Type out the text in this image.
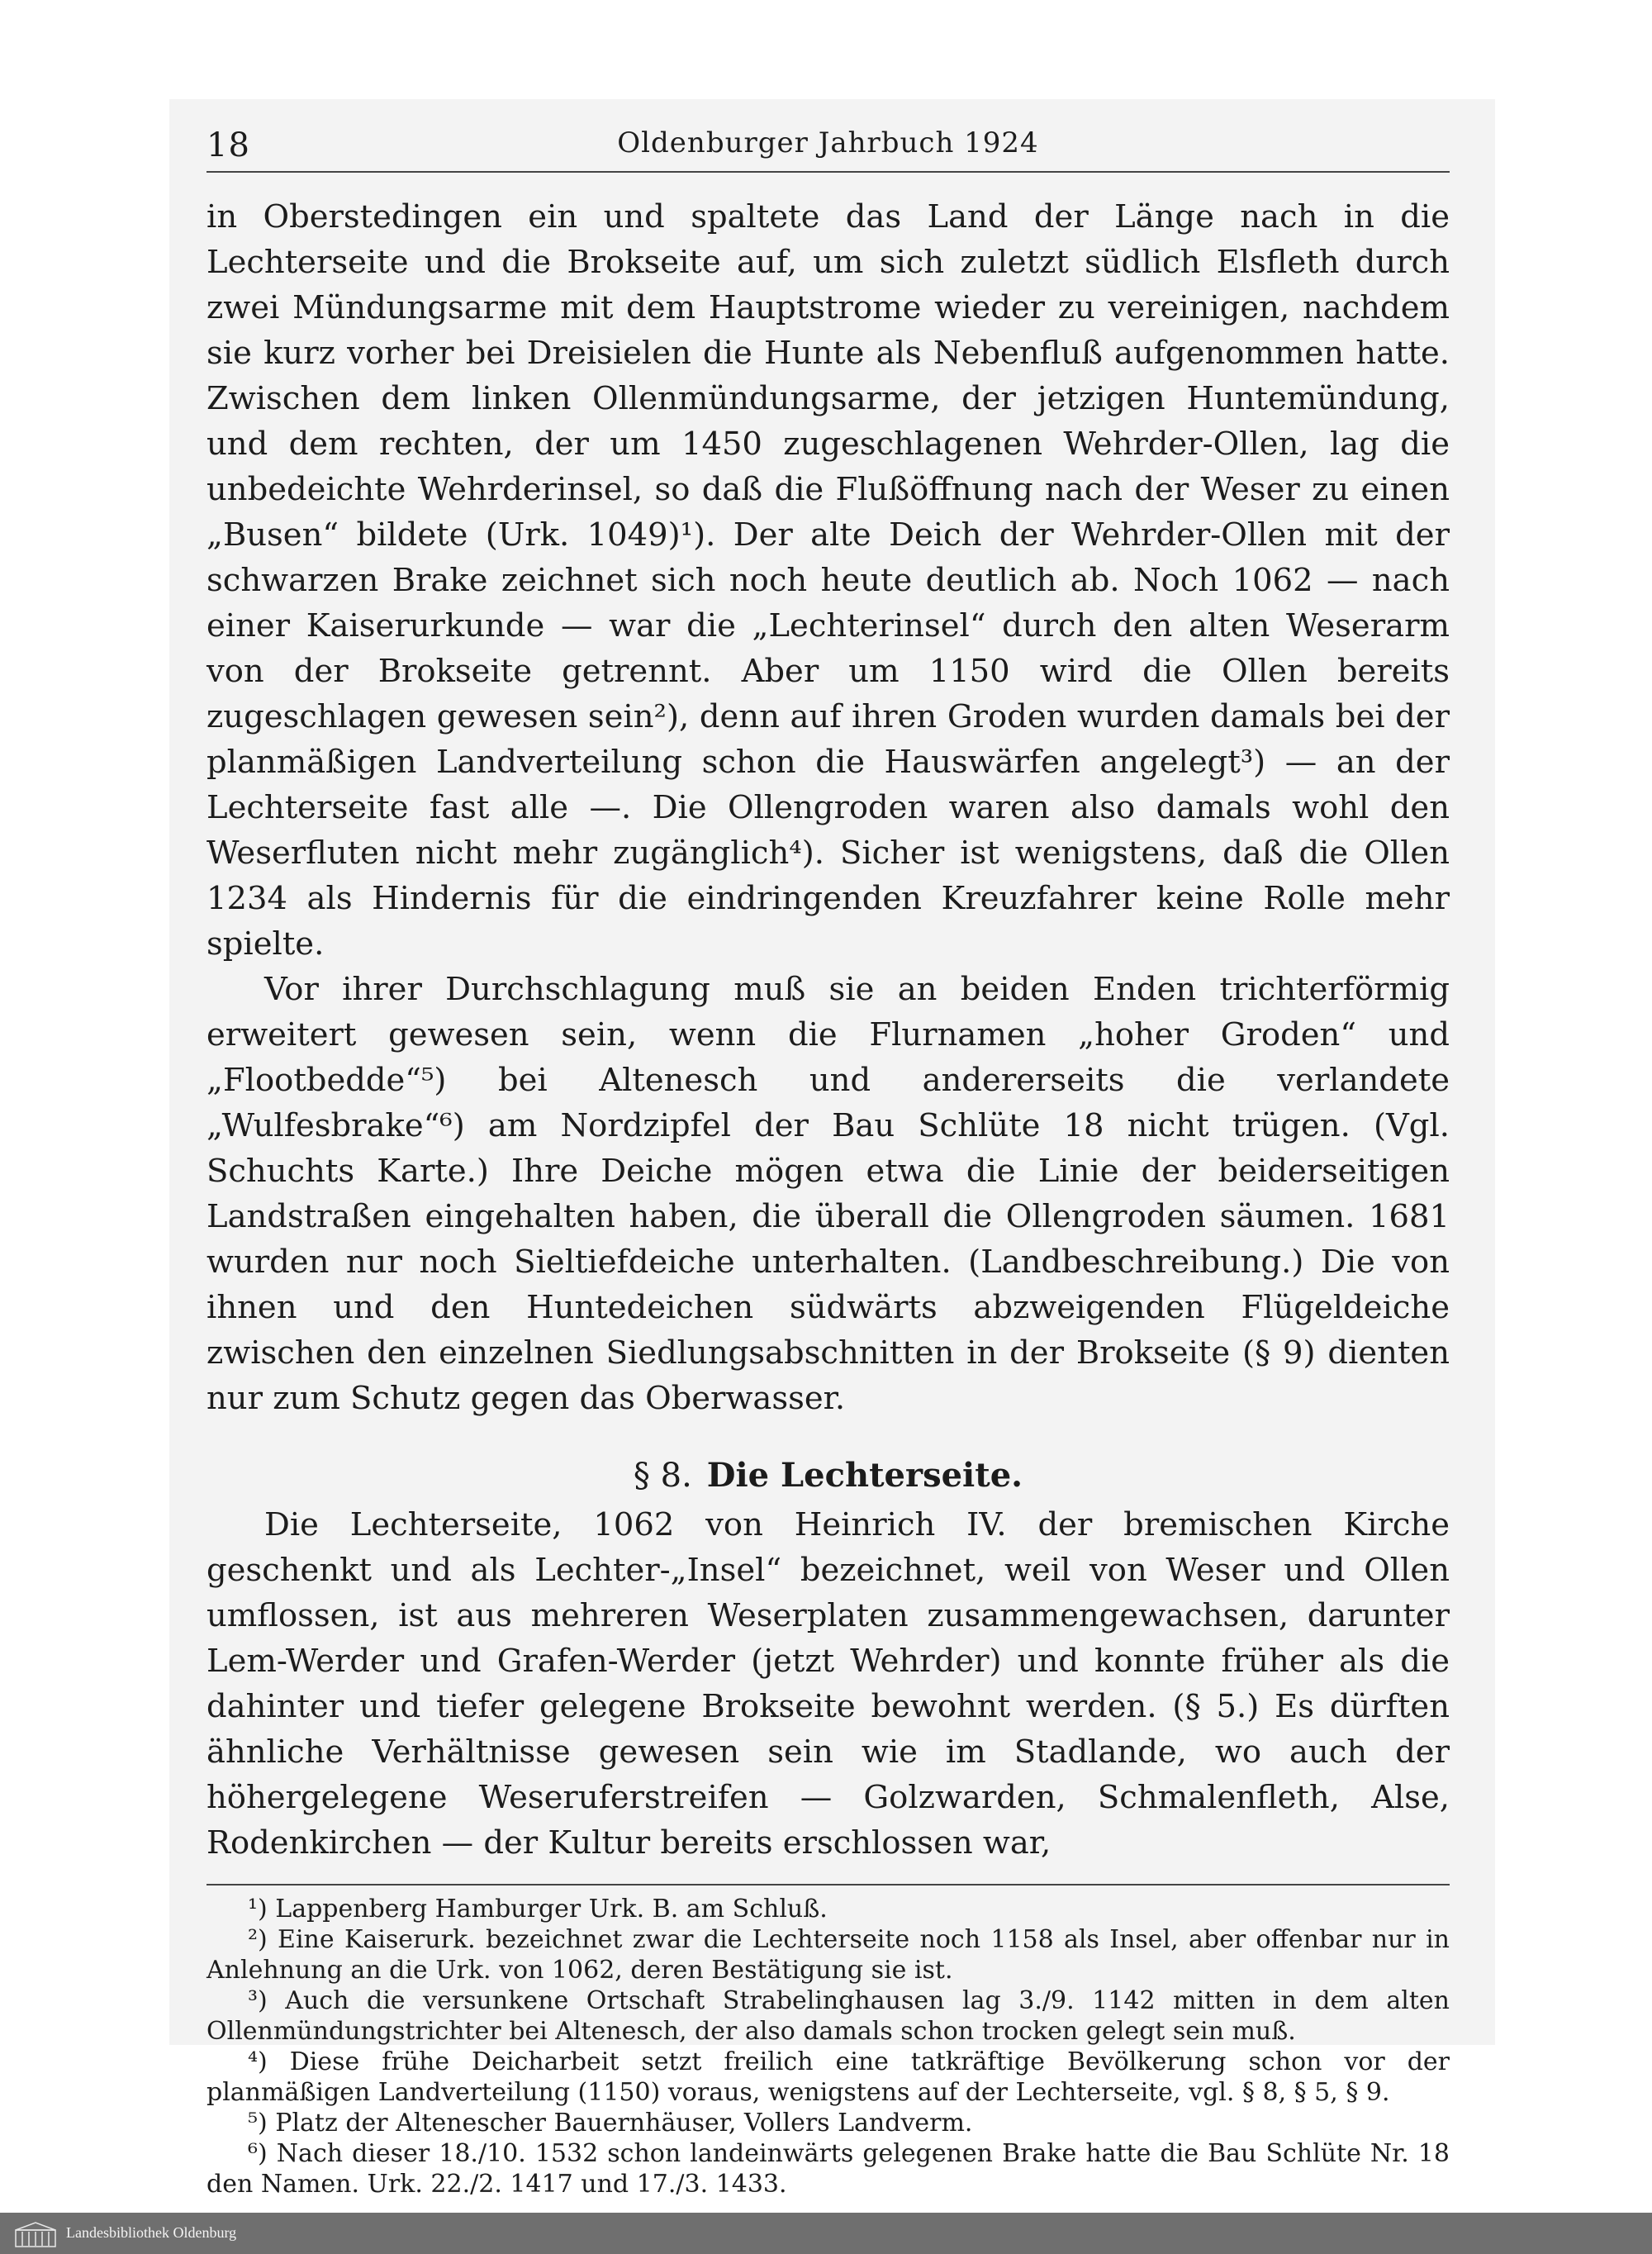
18	Oldenburger Jahrbuch 1924

in Oberstedingen ein und spaltete das Land der Länge nach in die Lechterseite und die Brokseite auf, um sich zuletzt südlich Elsfleth durch zwei Mündungsarme mit dem Hauptstrome wieder zu vereinigen, nachdem sie kurz vorher bei Dreisielen die Hunte als Nebenfluß aufgenommen hatte. Zwischen dem linken Ollenmündungsarme, der jetzigen Huntemündung, und dem rechten, der um 1450 zugeschlagenen Wehrder-Ollen, lag die unbedeichte Wehrderinsel, so daß die Flußöffnung nach der Weser zu einen „Busen“ bildete (Urk. 1049)¹). Der alte Deich der Wehrder-Ollen mit der schwarzen Brake zeichnet sich noch heute deutlich ab. Noch 1062 — nach einer Kaiserurkunde — war die „Lechterinsel“ durch den alten Weserarm von der Brokseite getrennt. Aber um 1150 wird die Ollen bereits zugeschlagen gewesen sein²), denn auf ihren Groden wurden damals bei der planmäßigen Landverteilung schon die Hauswärfen angelegt³) — an der Lechterseite fast alle —. Die Ollengroden waren also damals wohl den Weserfluten nicht mehr zugänglich⁴). Sicher ist wenigstens, daß die Ollen 1234 als Hindernis für die eindringenden Kreuzfahrer keine Rolle mehr spielte.

Vor ihrer Durchschlagung muß sie an beiden Enden trichterförmig erweitert gewesen sein, wenn die Flurnamen „hoher Groden“ und „Flootbedde“⁵) bei Altenesch und andererseits die verlandete „Wulfesbrake“⁶) am Nordzipfel der Bau Schlüte 18 nicht trügen. (Vgl. Schuchts Karte.) Ihre Deiche mögen etwa die Linie der beiderseitigen Landstraßen eingehalten haben, die überall die Ollengroden säumen. 1681 wurden nur noch Sieltiefdeiche unterhalten. (Landbeschreibung.) Die von ihnen und den Huntedeichen südwärts abzweigenden Flügeldeiche zwischen den einzelnen Siedlungsabschnitten in der Brokseite (§ 9) dienten nur zum Schutz gegen das Oberwasser.

§ 8. Die Lechterseite.

Die Lechterseite, 1062 von Heinrich IV. der bremischen Kirche geschenkt und als Lechter-„Insel“ bezeichnet, weil von Weser und Ollen umflossen, ist aus mehreren Weserplaten zusammengewachsen, darunter Lem-Werder und Grafen-Werder (jetzt Wehrder) und konnte früher als die dahinter und tiefer gelegene Brokseite bewohnt werden. (§ 5.) Es dürften ähnliche Verhältnisse gewesen sein wie im Stadlande, wo auch der höhergelegene Weseruferstreifen — Golzwarden, Schmalenfleth, Alse, Rodenkirchen — der Kultur bereits erschlossen war,

¹) Lappenberg Hamburger Urk. B. am Schluß.

²) Eine Kaiserurk. bezeichnet zwar die Lechterseite noch 1158 als Insel, aber offenbar nur in Anlehnung an die Urk. von 1062, deren Bestätigung sie ist.

³) Auch die versunkene Ortschaft Strabelinghausen lag 3./9. 1142 mitten in dem alten Ollenmündungstrichter bei Altenesch, der also damals schon trocken gelegt sein muß.

⁴) Diese frühe Deicharbeit setzt freilich eine tatkräftige Bevölkerung schon vor der planmäßigen Landverteilung (1150) voraus, wenigstens auf der Lechterseite, vgl. § 8, § 5, § 9.

⁵) Platz der Altenescher Bauernhäuser, Vollers Landverm.

⁶) Nach dieser 18./10. 1532 schon landeinwärts gelegenen Brake hatte die Bau Schlüte Nr. 18 den Namen. Urk. 22./2. 1417 und 17./3. 1433.

Landesbibliothek Oldenburg
